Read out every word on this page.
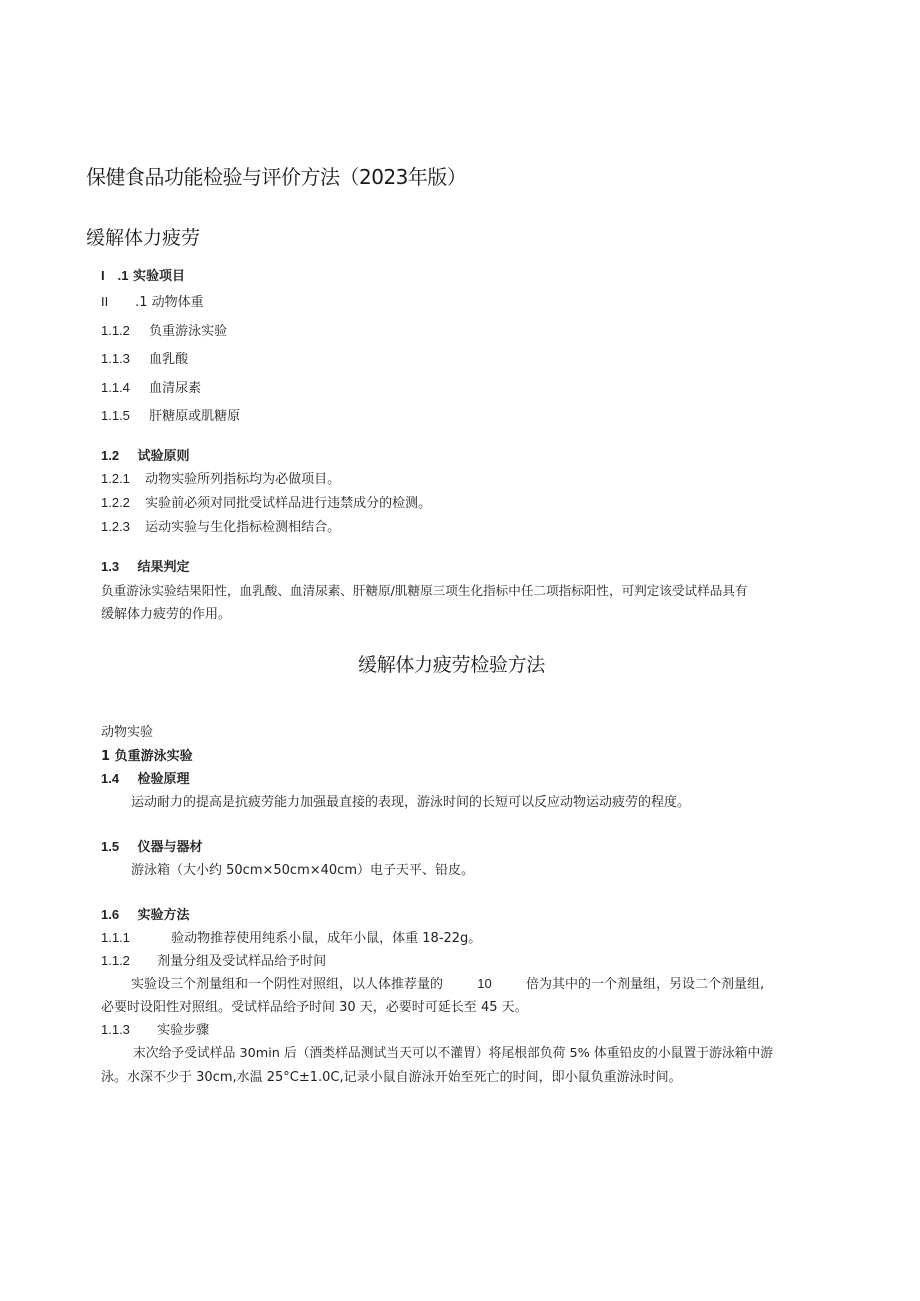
保健食品功能检验与评价方法（2023年版）
缓解体力疲劳
I　.1 实验项目
II .1 动物体重
1.1.2 负重游泳实验
1.1.3 血乳酸
1.1.4 血清尿素
1.1.5 肝糖原或肌糖原
1.2 试验原则
1.2.1 动物实验所列指标均为必做项目。
1.2.2 实验前必须对同批受试样品进行违禁成分的检测。
1.2.3 运动实验与生化指标检测相结合。
1.3 结果判定
负重游泳实验结果阳性，血乳酸、血清尿素、肝糖原/肌糖原三项生化指标中任二项指标阳性，可判定该受试样品具有
缓解体力疲劳的作用。
缓解体力疲劳检验方法
动物实验
1 负重游泳实验
1.4 检验原理
运动耐力的提高是抗疲劳能力加强最直接的表现，游泳时间的长短可以反应动物运动疲劳的程度。
1.5 仪器与器材
游泳箱（大小约 50cm×50cm×40cm）电子天平、铅皮。
1.6 实验方法
1.1.1	验动物推荐使用纯系小鼠，成年小鼠，体重 18-22g。
1.1.2 剂量分组及受试样品给予时间
实验设三个剂量组和一个阴性对照组，以人体推荐量的	10	倍为其中的一个剂量组，另设二个剂量组,
必要时设阳性对照组。受试样品给予时间 30 天，必要时可延长至 45 天。
1.1.3 实验步骤
末次给予受试样品 30min 后（酒类样品测试当天可以不灌胃）将尾根部负荷 5% 体重铅皮的小鼠置于游泳箱中游
泳。水深不少于 30cm,水温 25°C±1.0C,记录小鼠自游泳开始至死亡的时间，即小鼠负重游泳时间。
